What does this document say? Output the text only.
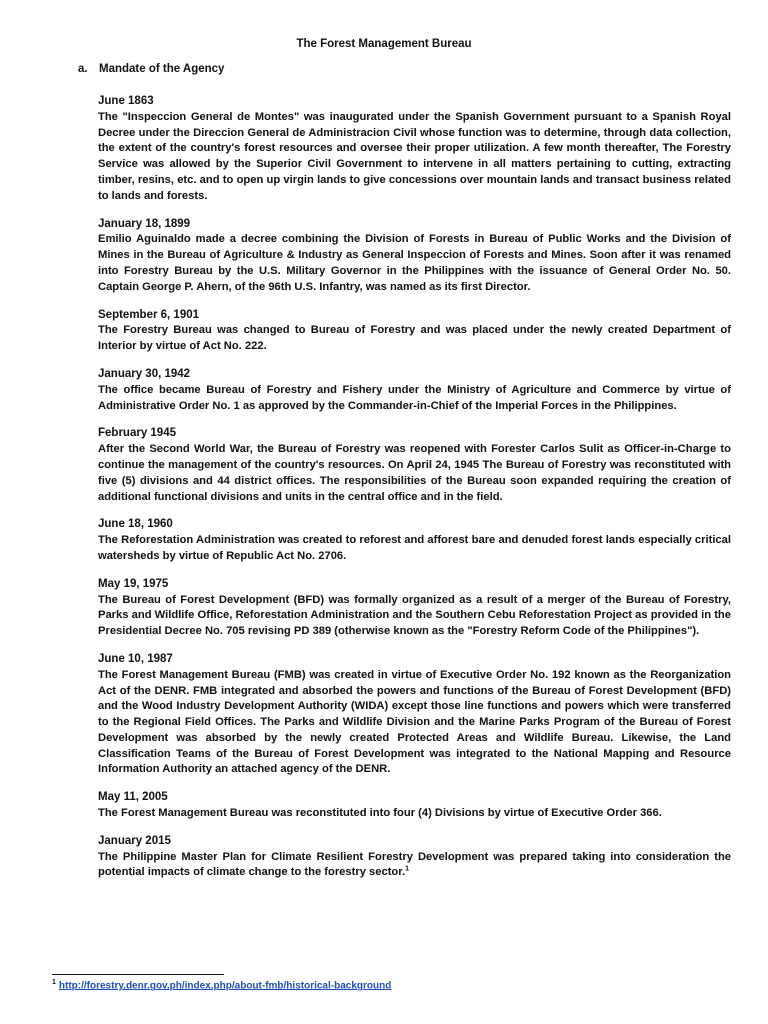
The Forest Management Bureau
a. Mandate of the Agency
June 1863

The "Inspeccion General de Montes" was inaugurated under the Spanish Government pursuant to a Spanish Royal Decree under the Direccion General de Administracion Civil whose function was to determine, through data collection, the extent of the country's forest resources and oversee their proper utilization. A few month thereafter, The Forestry Service was allowed by the Superior Civil Government to intervene in all matters pertaining to cutting, extracting timber, resins, etc. and to open up virgin lands to give concessions over mountain lands and transact business related to lands and forests.

January 18, 1899

Emilio Aguinaldo made a decree combining the Division of Forests in Bureau of Public Works and the Division of Mines in the Bureau of Agriculture & Industry as General Inspeccion of Forests and Mines. Soon after it was renamed into Forestry Bureau by the U.S. Military Governor in the Philippines with the issuance of General Order No. 50. Captain George P. Ahern, of the 96th U.S. Infantry, was named as its first Director.

September 6, 1901

The Forestry Bureau was changed to Bureau of Forestry and was placed under the newly created Department of Interior by virtue of Act No. 222.

January 30, 1942

The office became Bureau of Forestry and Fishery under the Ministry of Agriculture and Commerce by virtue of Administrative Order No. 1 as approved by the Commander-in-Chief of the Imperial Forces in the Philippines.

February 1945

After the Second World War, the Bureau of Forestry was reopened with Forester Carlos Sulit as Officer-in-Charge to continue the management of the country's resources. On April 24, 1945 The Bureau of Forestry was reconstituted with five (5) divisions and 44 district offices. The responsibilities of the Bureau soon expanded requiring the creation of additional functional divisions and units in the central office and in the field.

June 18, 1960

The Reforestation Administration was created to reforest and afforest bare and denuded forest lands especially critical watersheds by virtue of Republic Act No. 2706.

May 19, 1975

The Bureau of Forest Development (BFD) was formally organized as a result of a merger of the Bureau of Forestry, Parks and Wildlife Office, Reforestation Administration and the Southern Cebu Reforestation Project as provided in the Presidential Decree No. 705 revising PD 389 (otherwise known as the "Forestry Reform Code of the Philippines").

June 10, 1987

The Forest Management Bureau (FMB) was created in virtue of Executive Order No. 192 known as the Reorganization Act of the DENR. FMB integrated and absorbed the powers and functions of the Bureau of Forest Development (BFD) and the Wood Industry Development Authority (WIDA) except those line functions and powers which were transferred to the Regional Field Offices. The Parks and Wildlife Division and the Marine Parks Program of the Bureau of Forest Development was absorbed by the newly created Protected Areas and Wildlife Bureau. Likewise, the Land Classification Teams of the Bureau of Forest Development was integrated to the National Mapping and Resource Information Authority an attached agency of the DENR.

May 11, 2005

The Forest Management Bureau was reconstituted into four (4) Divisions by virtue of Executive Order 366.

January 2015

The Philippine Master Plan for Climate Resilient Forestry Development was prepared taking into consideration the potential impacts of climate change to the forestry sector.$^1$

$^1$ http://forestry.denr.gov.ph/index.php/about-fmb/historical-background
